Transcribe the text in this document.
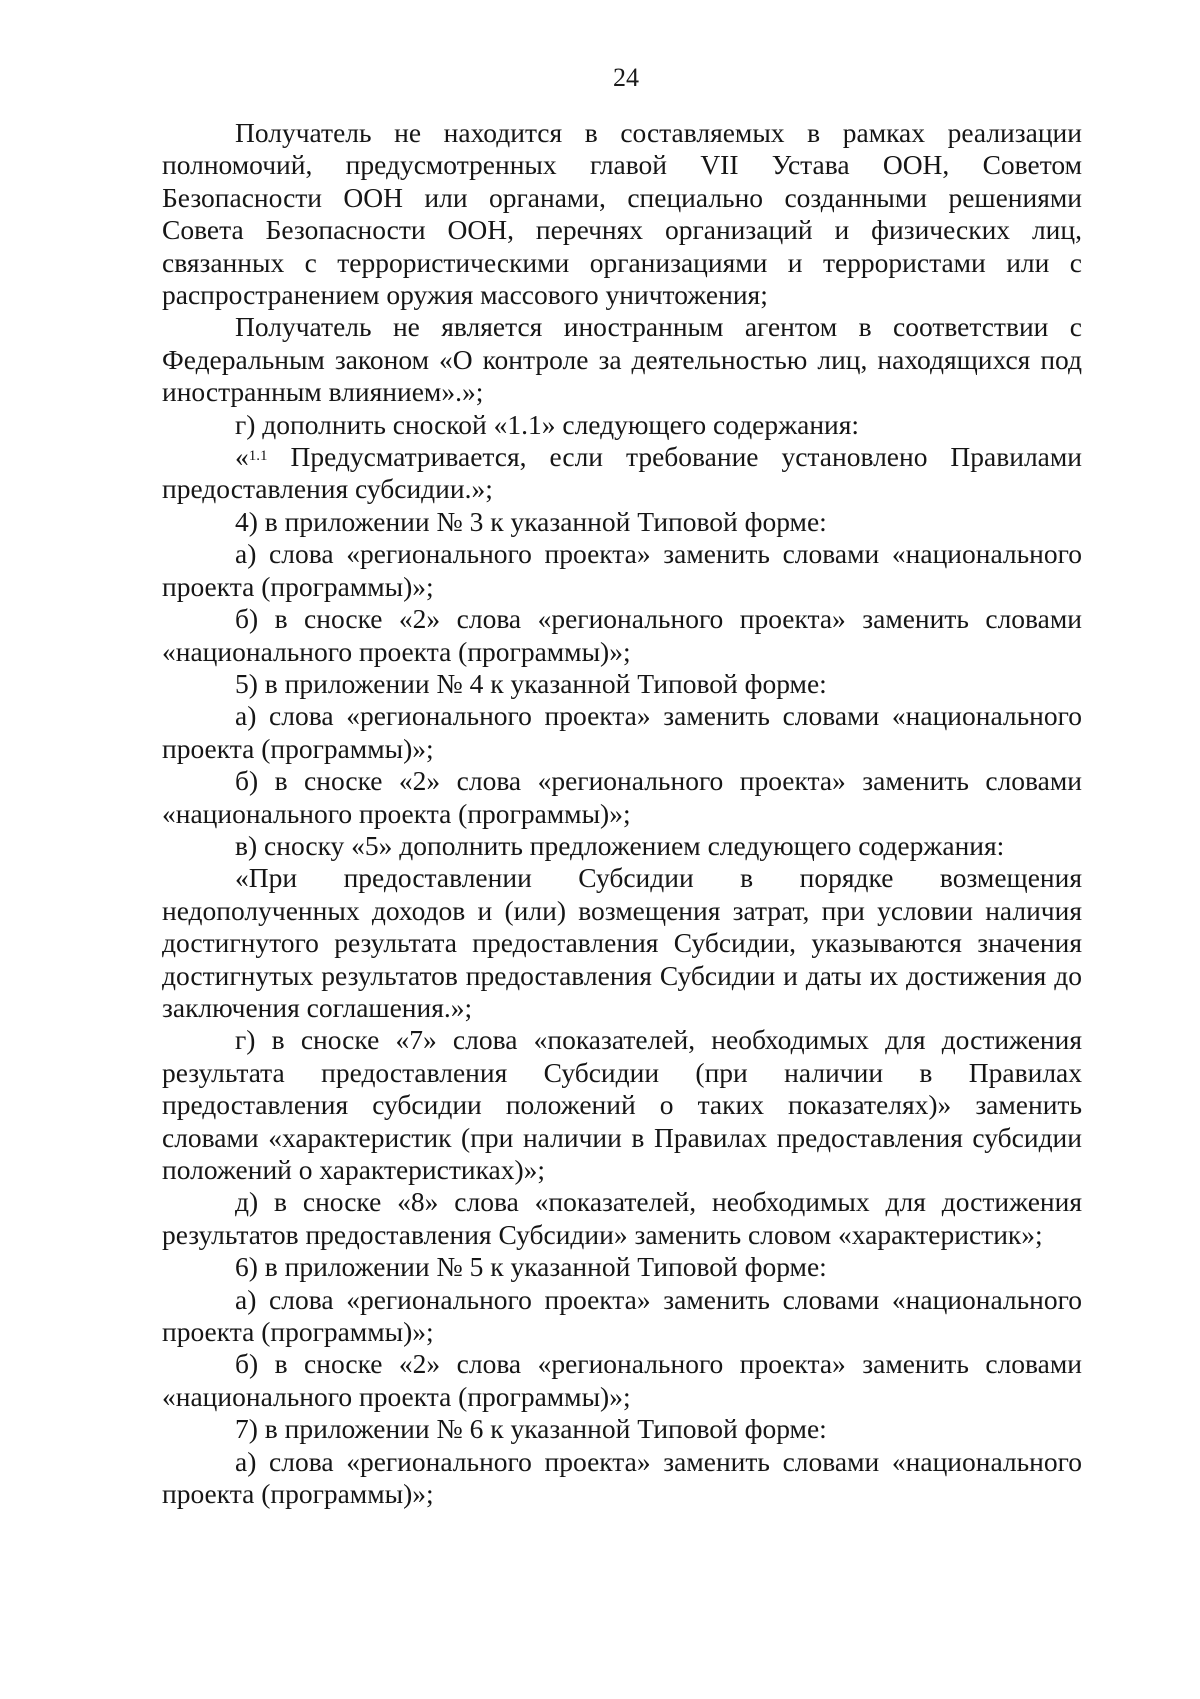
24

Получатель не находится в составляемых в рамках реализации полномочий, предусмотренных главой VII Устава ООН, Советом Безопасности ООН или органами, специально созданными решениями Совета Безопасности ООН, перечнях организаций и физических лиц, связанных с террористическими организациями и террористами или с распространением оружия массового уничтожения;

Получатель не является иностранным агентом в соответствии с Федеральным законом «О контроле за деятельностью лиц, находящихся под иностранным влиянием».»;

г) дополнить сноской «1.1» следующего содержания:

«$^{1.1}$ Предусматривается, если требование установлено Правилами предоставления субсидии.»;

4) в приложении № 3 к указанной Типовой форме:

а) слова «регионального проекта» заменить словами «национального проекта (программы)»;

б) в сноске «2» слова «регионального проекта» заменить словами «национального проекта (программы)»;

5) в приложении № 4 к указанной Типовой форме:

а) слова «регионального проекта» заменить словами «национального проекта (программы)»;

б) в сноске «2» слова «регионального проекта» заменить словами «национального проекта (программы)»;

в) сноску «5» дополнить предложением следующего содержания:

«При предоставлении Субсидии в порядке возмещения недополученных доходов и (или) возмещения затрат, при условии наличия достигнутого результата предоставления Субсидии, указываются значения достигнутых результатов предоставления Субсидии и даты их достижения до заключения соглашения.»;

г) в сноске «7» слова «показателей, необходимых для достижения результата предоставления Субсидии (при наличии в Правилах предоставления субсидии положений о таких показателях)» заменить словами «характеристик (при наличии в Правилах предоставления субсидии положений о характеристиках)»;

д) в сноске «8» слова «показателей, необходимых для достижения результатов предоставления Субсидии» заменить словом «характеристик»;

6) в приложении № 5 к указанной Типовой форме:

а) слова «регионального проекта» заменить словами «национального проекта (программы)»;

б) в сноске «2» слова «регионального проекта» заменить словами «национального проекта (программы)»;

7) в приложении № 6 к указанной Типовой форме:

а) слова «регионального проекта» заменить словами «национального проекта (программы)»;
